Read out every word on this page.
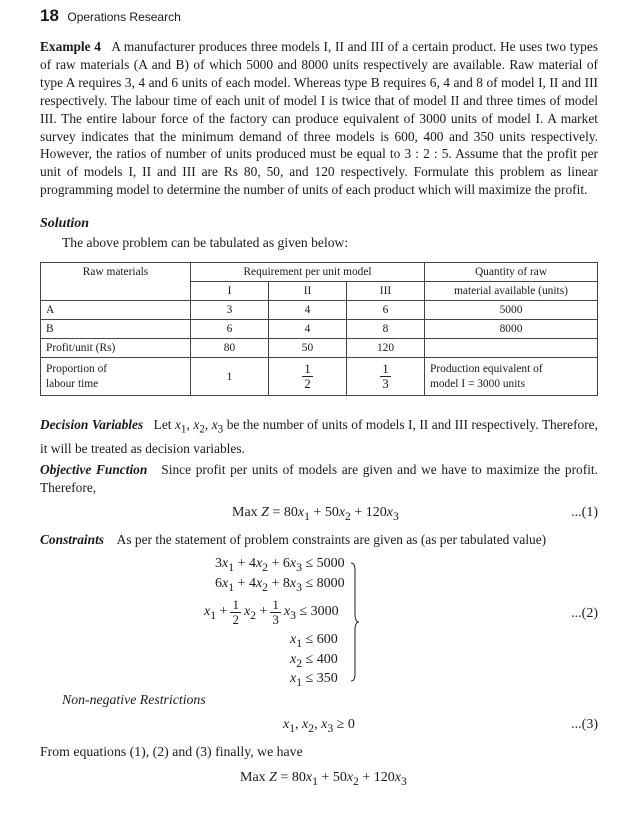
18 Operations Research

Example 4 A manufacturer produces three models I, II and III of a certain product. He uses two types of raw materials (A and B) of which 5000 and 8000 units respectively are available. Raw material of type A requires 3, 4 and 6 units of each model. Whereas type B requires 6, 4 and 8 of model I, II and III respectively. The labour time of each unit of model I is twice that of model II and three times of model III. The entire labour force of the factory can produce equivalent of 3000 units of model I. A market survey indicates that the minimum demand of three models is 600, 400 and 350 units respectively. However, the ratios of number of units produced must be equal to 3 : 2 : 5. Assume that the profit per unit of models I, II and III are Rs 80, 50, and 120 respectively. Formulate this problem as linear programming model to determine the number of units of each product which will maximize the profit.

Solution
The above problem can be tabulated as given below:
Raw materials	Requirement per unit model			Quantity of raw
	I	II	III	material available (units)
A	3	4	6	5000
B	6	4	8	8000
Profit/unit (Rs)	80	50	120	
Proportion of
labour time	1	$\frac{1}{2}$	$\frac{1}{3}$	Production equivalent of
model I = 3000 units

Decision Variables Let $x_1$, $x_2$, $x_3$ be the number of units of models I, II and III respectively. Therefore, it will be treated as decision variables.

Objective Function Since profit per units of models are given and we have to maximize the profit. Therefore,

Max $Z = 80x_1 + 50x_2 + 120x_3$	...(1)

Constraints As per the statement of problem constraints are given as (as per tabulated value)

$3x_1 + 4x_2 + 6x_3 \le 5000$
$6x_1 + 4x_2 + 8x_3 \le 8000$
$x_1 + \frac{1}{2} x_2 + \frac{1}{3} x_3 \le 3000$
$x_1 \le 600$
$x_2 \le 400$
$x_1 \le 350$
...(2)
Non-negative Restrictions
$x_1$, $x_2$, $x_3 \ge 0$	...(3)
From equations (1), (2) and (3) finally, we have
Max $Z = 80x_1 + 50x_2 + 120x_3$
